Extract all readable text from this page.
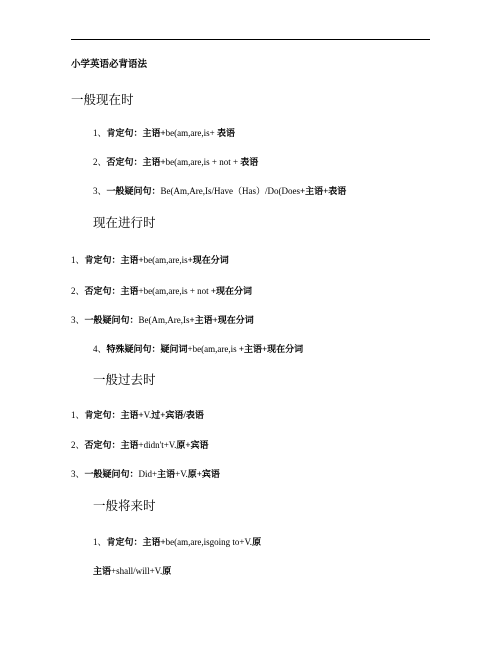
小学英语必背语法
一般现在时
1、肯定句：主语+be(am,are,is+ 表语
2、否定句：主语+be(am,are,is + not + 表语
3、一般疑问句：Be(Am,Are,Is/Have（Has）/Do(Does+主语+表语
现在进行时
1、肯定句：主语+be(am,are,is+现在分词
2、否定句：主语+be(am,are,is + not +现在分词
3、一般疑问句：Be(Am,Are,Is+主语+现在分词
4、特殊疑问句：疑问词+be(am,are,is +主语+现在分词
一般过去时
1、肯定句：主语+V.过+宾语/表语
2、否定句：主语+didn't+V.原+宾语
3、一般疑问句：Did+主语+V.原+宾语
一般将来时
1、肯定句：主语+be(am,are,isgoing to+V.原
主语+shall/will+V.原
